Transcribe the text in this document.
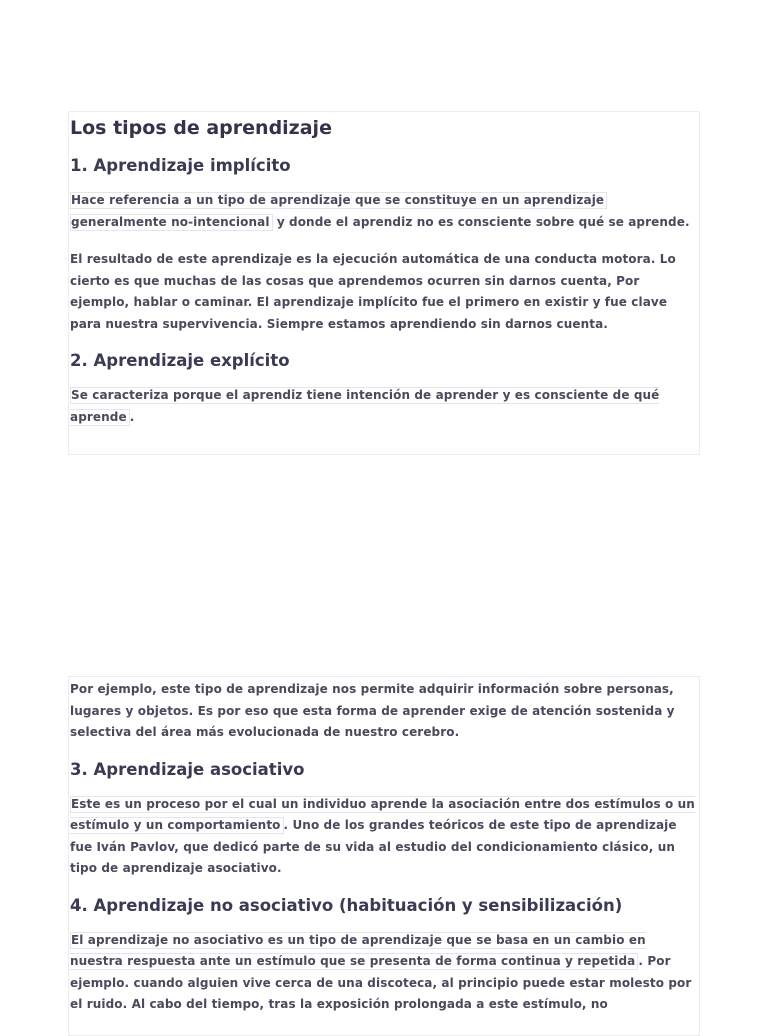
Los tipos de aprendizaje
1. Aprendizaje implícito

Hace referencia a un tipo de aprendizaje que se constituye en un aprendizaje
generalmente no-intencional y donde el aprendiz no es consciente sobre qué se aprende.

El resultado de este aprendizaje es la ejecución automática de una conducta motora. Lo cierto es que muchas de las cosas que aprendemos ocurren sin darnos cuenta, Por ejemplo, hablar o caminar. El aprendizaje implícito fue el primero en existir y fue clave para nuestra supervivencia. Siempre estamos aprendiendo sin darnos cuenta.

2. Aprendizaje explícito

Se caracteriza porque el aprendiz tiene intención de aprender y es consciente de qué aprende .

Por ejemplo, este tipo de aprendizaje nos permite adquirir información sobre personas, lugares y objetos. Es por eso que esta forma de aprender exige de atención sostenida y selectiva del área más evolucionada de nuestro cerebro.

3. Aprendizaje asociativo

Este es un proceso por el cual un individuo aprende la asociación entre dos estímulos o un estímulo y un comportamiento . Uno de los grandes teóricos de este tipo de aprendizaje fue Iván Pavlov, que dedicó parte de su vida al estudio del condicionamiento clásico, un tipo de aprendizaje asociativo.

4. Aprendizaje no asociativo (habituación y sensibilización)

El aprendizaje no asociativo es un tipo de aprendizaje que se basa en un cambio en nuestra respuesta ante un estímulo que se presenta de forma continua y repetida . Por ejemplo. cuando alguien vive cerca de una discoteca, al principio puede estar molesto por el ruido. Al cabo del tiempo, tras la exposición prolongada a este estímulo, no
